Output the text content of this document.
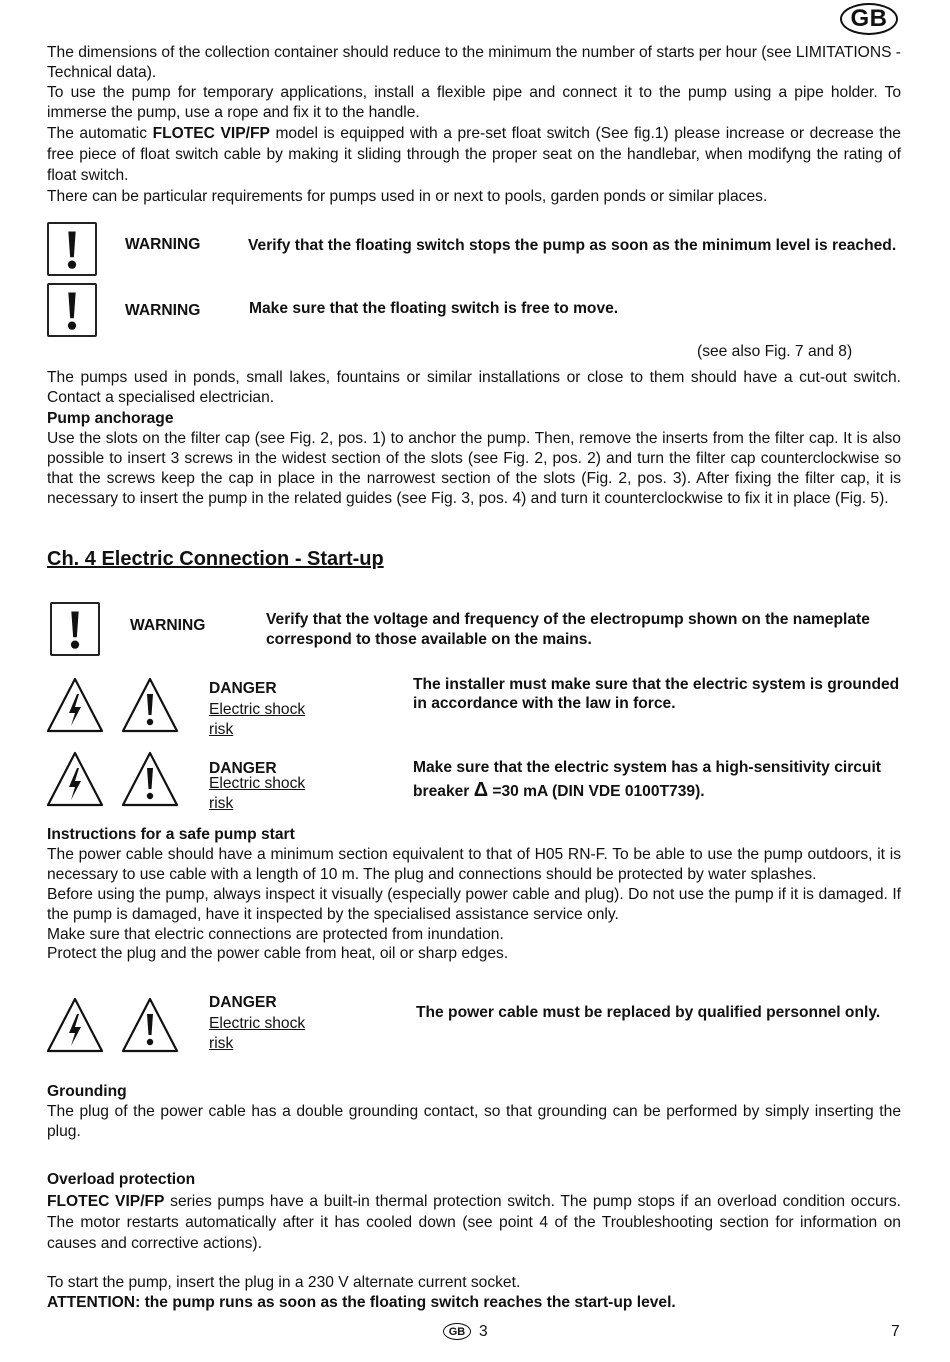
GB

The dimensions of the collection container should reduce to the minimum the number of starts per hour (see LIMITATIONS - Technical data).

To use the pump for temporary applications, install a flexible pipe and connect it to the pump using a pipe holder. To immerse the pump, use a rope and fix it to the handle.

The automatic FLOTEC VIP/FP model is equipped with a pre-set float switch (See fig.1) please increase or decrease the free piece of float switch cable by making it sliding through the proper seat on the handlebar, when modifyng the rating of float switch.

There can be particular requirements for pumps used in or next to pools, garden ponds or similar places.

WARNING	Verify that the floating switch stops the pump as soon as the minimum level is reached.
WARNING	Make sure that the floating switch is free to move.
(see also Fig. 7 and 8)

The pumps used in ponds, small lakes, fountains or similar installations or close to them should have a cut-out switch. Contact a specialised electrician.

Pump anchorage

Use the slots on the filter cap (see Fig. 2, pos. 1) to anchor the pump. Then, remove the inserts from the filter cap. It is also possible to insert 3 screws in the widest section of the slots (see Fig. 2, pos. 2) and turn the filter cap counterclockwise so that the screws keep the cap in place in the narrowest section of the slots (Fig. 2, pos. 3). After fixing the filter cap, it is necessary to insert the pump in the related guides (see Fig. 3, pos. 4) and turn it counterclockwise to fix it in place (Fig. 5).

Ch. 4 Electric Connection - Start-up
WARNING	Verify that the voltage and frequency of the electropump shown on the nameplate
correspond to those available on the mains.
DANGER
Electric shock
risk
The installer must make sure that the electric system is grounded
in accordance with the law in force.
DANGER
Electric shock
risk
Make sure that the electric system has a high-sensitivity circuit
breaker Δ =30 mA (DIN VDE 0100T739).
Instructions for a safe pump start

The power cable should have a minimum section equivalent to that of H05 RN-F. To be able to use the pump outdoors, it is necessary to use cable with a length of 10 m. The plug and connections should be protected by water splashes.

Before using the pump, always inspect it visually (especially power cable and plug). Do not use the pump if it is damaged. If the pump is damaged, have it inspected by the specialised assistance service only.

Make sure that electric connections are protected from inundation.

Protect the plug and the power cable from heat, oil or sharp edges.

DANGER
Electric shock
risk
The power cable must be replaced by qualified personnel only.
Grounding

The plug of the power cable has a double grounding contact, so that grounding can be performed by simply inserting the plug.

Overload protection

FLOTEC VIP/FP series pumps have a built-in thermal protection switch. The pump stops if an overload condition occurs. The motor restarts automatically after it has cooled down (see point 4 of the Troubleshooting section for information on causes and corrective actions).

To start the pump, insert the plug in a 230 V alternate current socket.

ATTENTION: the pump runs as soon as the floating switch reaches the start-up level.

GB 3	7
